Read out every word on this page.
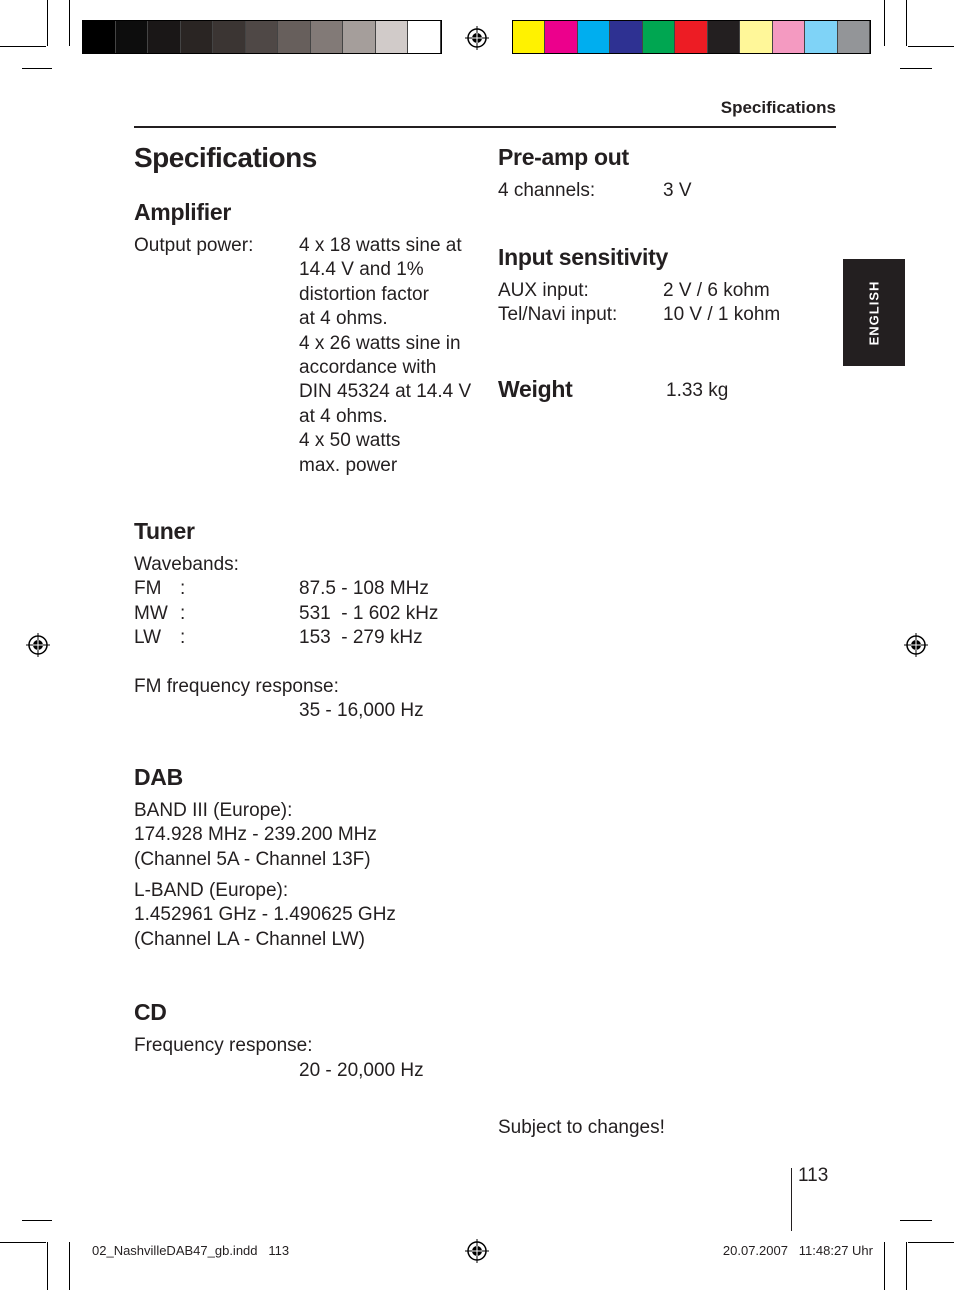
Specifications
ENGLISH
Specifications
Amplifier
Output power: 4 x 18 watts sine at
14.4 V and 1%
distortion factor
at 4 ohms.
4 x 26 watts sine in
accordance with
DIN 45324 at 14.4 V
at 4 ohms.
4 x 50 watts
max. power
Tuner
Wavebands:
FM :	87.5 - 108 MHz
MW :	531  - 1 602 kHz
LW :	153  - 279 kHz
FM frequency response:
35 - 16,000 Hz
DAB
BAND III (Europe):
174.928 MHz - 239.200 MHz
(Channel 5A - Channel 13F)
L-BAND (Europe):
1.452961 GHz - 1.490625 GHz
(Channel LA - Channel LW)
CD
Frequency response:
20 - 20,000 Hz
Pre-amp out
4 channels:	3 V
Input sensitivity
AUX input:	2 V / 6 kohm
Tel/Navi input: 10 V / 1 kohm
Weight	1.33 kg
Subject to changes!
113
02_NashvilleDAB47_gb.indd   113	20.07.2007   11:48:27 Uhr
